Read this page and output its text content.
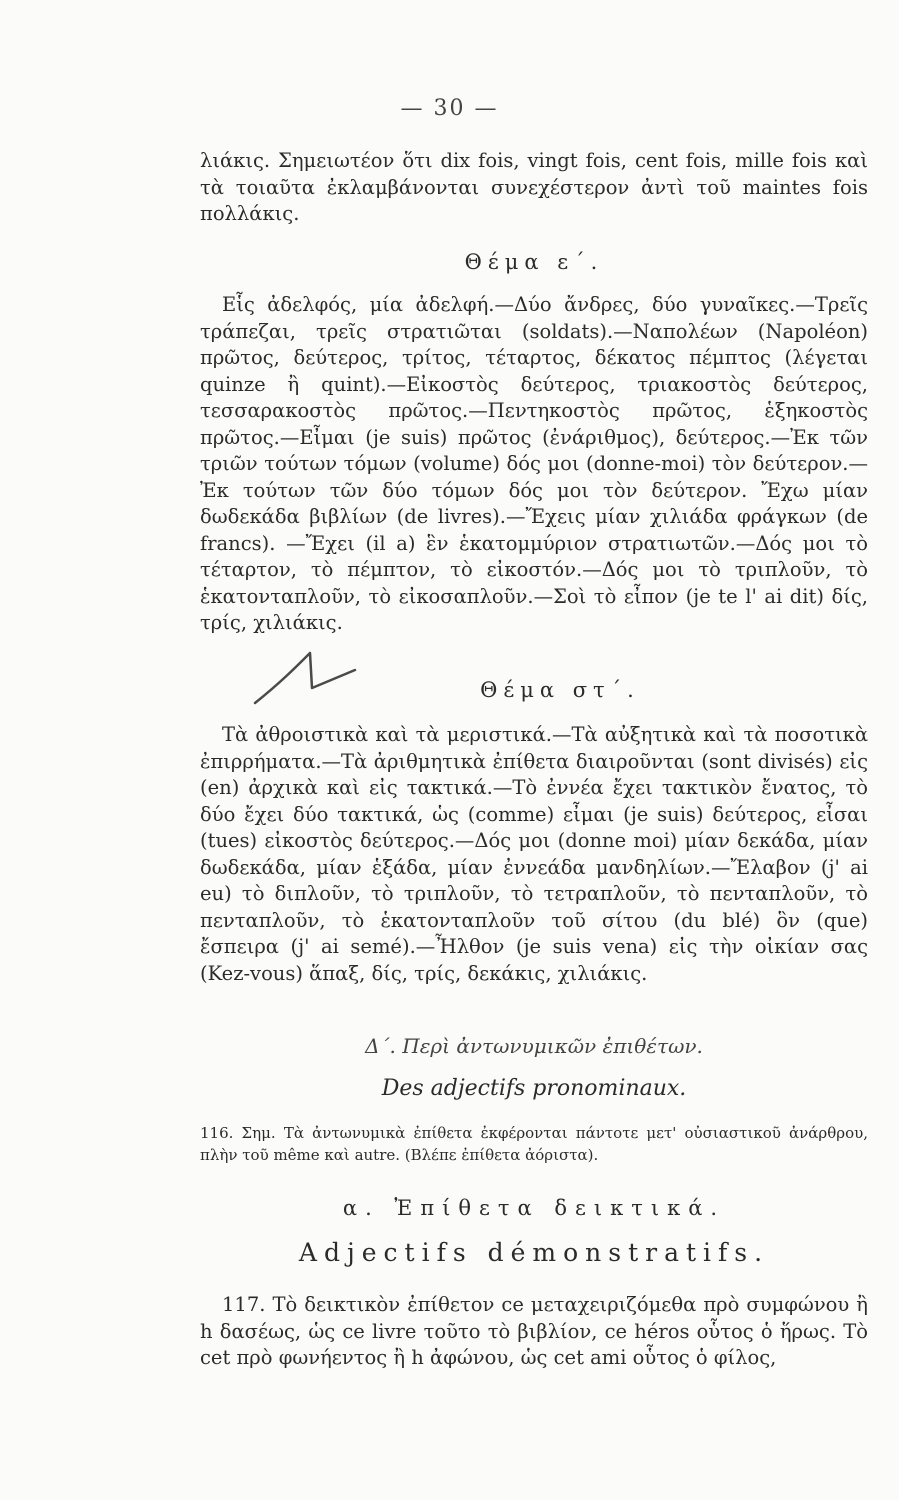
— 30 —

λιάκις. Σημειωτέον ὅτι dix fois, vingt fois, cent fois, mille fois καὶ τὰ τοιαῦτα ἐκλαμβάνονται συνεχέστερον ἀντὶ τοῦ maintes fois πολλάκις.

Θέμα ε΄.

Εἷς ἀδελφός, μία ἀδελφή.—Δύο ἄνδρες, δύο γυναῖκες.—Τρεῖς τράπεζαι, τρεῖς στρατιῶται (soldats).—Ναπολέων (Napoléon) πρῶτος, δεύτερος, τρίτος, τέταρτος, δέκατος πέμπτος (λέγεται quinze ἢ quint).—Εἰκοστὸς δεύτερος, τριακοστὸς δεύτερος, τεσσαρακοστὸς πρῶτος.—Πεντηκοστὸς πρῶτος, ἑξηκοστὸς πρῶτος.—Εἶμαι (je suis) πρῶτος (ἐνάριθμος), δεύτερος.—Ἐκ τῶν τριῶν τούτων τόμων (volume) δός μοι (donne-moi) τὸν δεύτερον.—Ἐκ τούτων τῶν δύο τόμων δός μοι τὸν δεύτερον. Ἔχω μίαν δωδεκάδα βιβλίων (de livres).—Ἔχεις μίαν χιλιάδα φράγκων (de francs). —Ἔχει (il a) ἓν ἑκατομμύριον στρατιωτῶν.—Δός μοι τὸ τέταρτον, τὸ πέμπτον, τὸ εἰκοστόν.—Δός μοι τὸ τριπλοῦν, τὸ ἑκατονταπλοῦν, τὸ εἰκοσαπλοῦν.—Σοὶ τὸ εἶπον (je te l' ai dit) δίς, τρίς, χιλιάκις.

Θέμα στ΄.

Τὰ ἀθροιστικὰ καὶ τὰ μεριστικά.—Τὰ αὐξητικὰ καὶ τὰ ποσοτικὰ ἐπιρρήματα.—Τὰ ἀριθμητικὰ ἐπίθετα διαιροῦνται (sont divisés) εἰς (en) ἀρχικὰ καὶ εἰς τακτικά.—Τὸ ἐννέα ἔχει τακτικὸν ἔνατος, τὸ δύο ἔχει δύο τακτικά, ὡς (comme) εἶμαι (je suis) δεύτερος, εἶσαι (tues) εἰκοστὸς δεύτερος.—Δός μοι (donne moi) μίαν δεκάδα, μίαν δωδεκάδα, μίαν ἑξάδα, μίαν ἐννεάδα μανδηλίων.—Ἔλαβον (j' ai eu) τὸ διπλοῦν, τὸ τριπλοῦν, τὸ τετραπλοῦν, τὸ πενταπλοῦν, τὸ πενταπλοῦν, τὸ ἑκατονταπλοῦν τοῦ σίτου (du blé) ὃν (que) ἔσπειρα (j' ai semé).—Ἦλθον (je suis vena) εἰς τὴν οἰκίαν σας (Kez-vous) ἅπαξ, δίς, τρίς, δεκάκις, χιλιάκις.

Δ΄. Περὶ ἀντωνυμικῶν ἐπιθέτων.
Des adjectifs pronominaux.
116. Σημ. Τὰ ἀντωνυμικὰ ἐπίθετα ἐκφέρονται πάντοτε μετ' οὐσιαστικοῦ ἀνάρθρου, πλὴν τοῦ même καὶ autre. (Βλέπε ἐπίθετα ἀόριστα).
α. Ἐπίθετα δεικτικά.
Adjectifs démonstratifs.

117. Τὸ δεικτικὸν ἐπίθετον ce μεταχειριζόμεθα πρὸ συμφώνου ἢ h δασέως, ὡς ce livre τοῦτο τὸ βιβλίον, ce héros οὗτος ὁ ἥρως. Τὸ cet πρὸ φωνήεντος ἢ h ἀφώνου, ὡς cet ami οὗτος ὁ φίλος,
